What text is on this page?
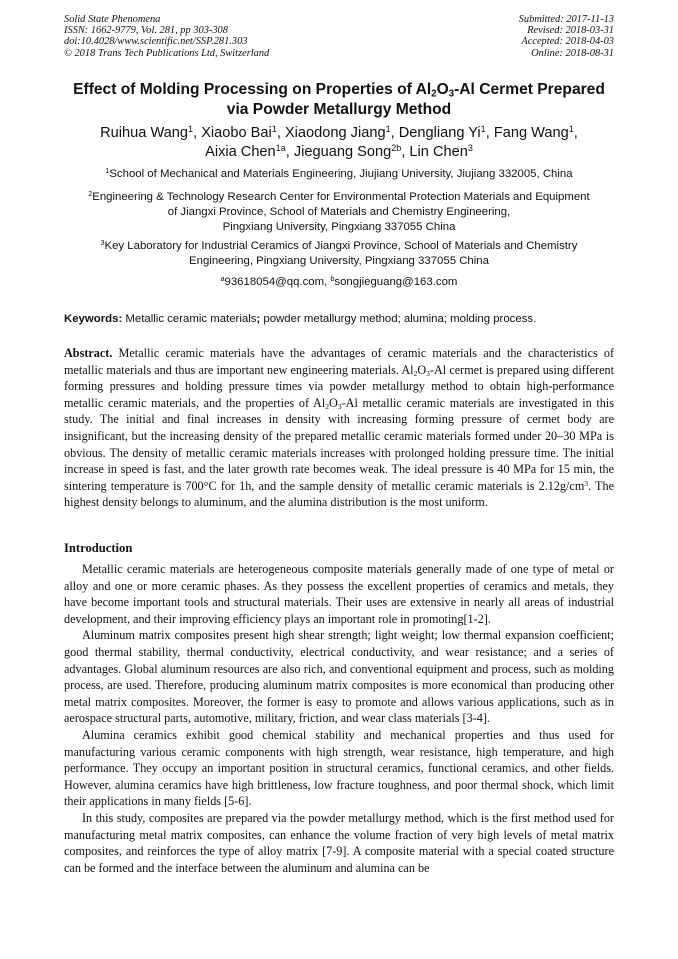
Solid State Phenomena
ISSN: 1662-9779, Vol. 281, pp 303-308
doi:10.4028/www.scientific.net/SSP.281.303
© 2018 Trans Tech Publications Ltd, Switzerland
Submitted: 2017-11-13
Revised: 2018-03-31
Accepted: 2018-04-03
Online: 2018-08-31
Effect of Molding Processing on Properties of $Al_2O_3-Al$ Cermet Prepared
via Powder Metallurgy Method
Ruihua Wang$^1$, Xiaobo Bai$^1$, Xiaodong Jiang$^1$, Dengliang Yi$^1$, Fang Wang$^1$,
Aixia Chen$^{1a}$, Jieguang Song$^{2b}$, Lin Chen$^3$
$^1$School of Mechanical and Materials Engineering, Jiujiang University, Jiujiang 332005, China
$^2$Engineering & Technology Research Center for Environmental Protection Materials and Equipment
of Jiangxi Province, School of Materials and Chemistry Engineering,
Pingxiang University, Pingxiang 337055 China
$^3$Key Laboratory for Industrial Ceramics of Jiangxi Province, School of Materials and Chemistry
Engineering, Pingxiang University, Pingxiang 337055 China
$^a$93618054@qq.com, $^b$songjieguang@163.com
Keywords: Metallic ceramic materials; powder metallurgy method; alumina; molding process.
Abstract. Metallic ceramic materials have the advantages of ceramic materials and the characteristics of metallic materials and thus are important new engineering materials. $Al_2O_3-Al$ cermet is prepared using different forming pressures and holding pressure times via powder metallurgy method to obtain high-performance metallic ceramic materials, and the properties of $Al_2O_3-Al$ metallic ceramic materials are investigated in this study. The initial and final increases in density with increasing forming pressure of cermet body are insignificant, but the increasing density of the prepared metallic ceramic materials formed under 20–30 MPa is obvious. The density of metallic ceramic materials increases with prolonged holding pressure time. The initial increase in speed is fast, and the later growth rate becomes weak. The ideal pressure is 40 MPa for 15 min, the sintering temperature is 700°C for 1h, and the sample density of metallic ceramic materials is $2.12g/cm^3$. The highest density belongs to aluminum, and the alumina distribution is the most uniform.
Introduction

Metallic ceramic materials are heterogeneous composite materials generally made of one type of metal or alloy and one or more ceramic phases. As they possess the excellent properties of ceramics and metals, they have become important tools and structural materials. Their uses are extensive in nearly all areas of industrial development, and their improving efficiency plays an important role in promoting[1-2].

Aluminum matrix composites present high shear strength; light weight; low thermal expansion coefficient; good thermal stability, thermal conductivity, electrical conductivity, and wear resistance; and a series of advantages. Global aluminum resources are also rich, and conventional equipment and process, such as molding process, are used. Therefore, producing aluminum matrix composites is more economical than producing other metal matrix composites. Moreover, the former is easy to promote and allows various applications, such as in aerospace structural parts, automotive, military, friction, and wear class materials [3-4].

Alumina ceramics exhibit good chemical stability and mechanical properties and thus used for manufacturing various ceramic components with high strength, wear resistance, high temperature, and high performance. They occupy an important position in structural ceramics, functional ceramics, and other fields. However, alumina ceramics have high brittleness, low fracture toughness, and poor thermal shock, which limit their applications in many fields [5-6].

In this study, composites are prepared via the powder metallurgy method, which is the first method used for manufacturing metal matrix composites, can enhance the volume fraction of very high levels of metal matrix composites, and reinforces the type of alloy matrix [7-9]. A composite material with a special coated structure can be formed and the interface between the aluminum and alumina can be
